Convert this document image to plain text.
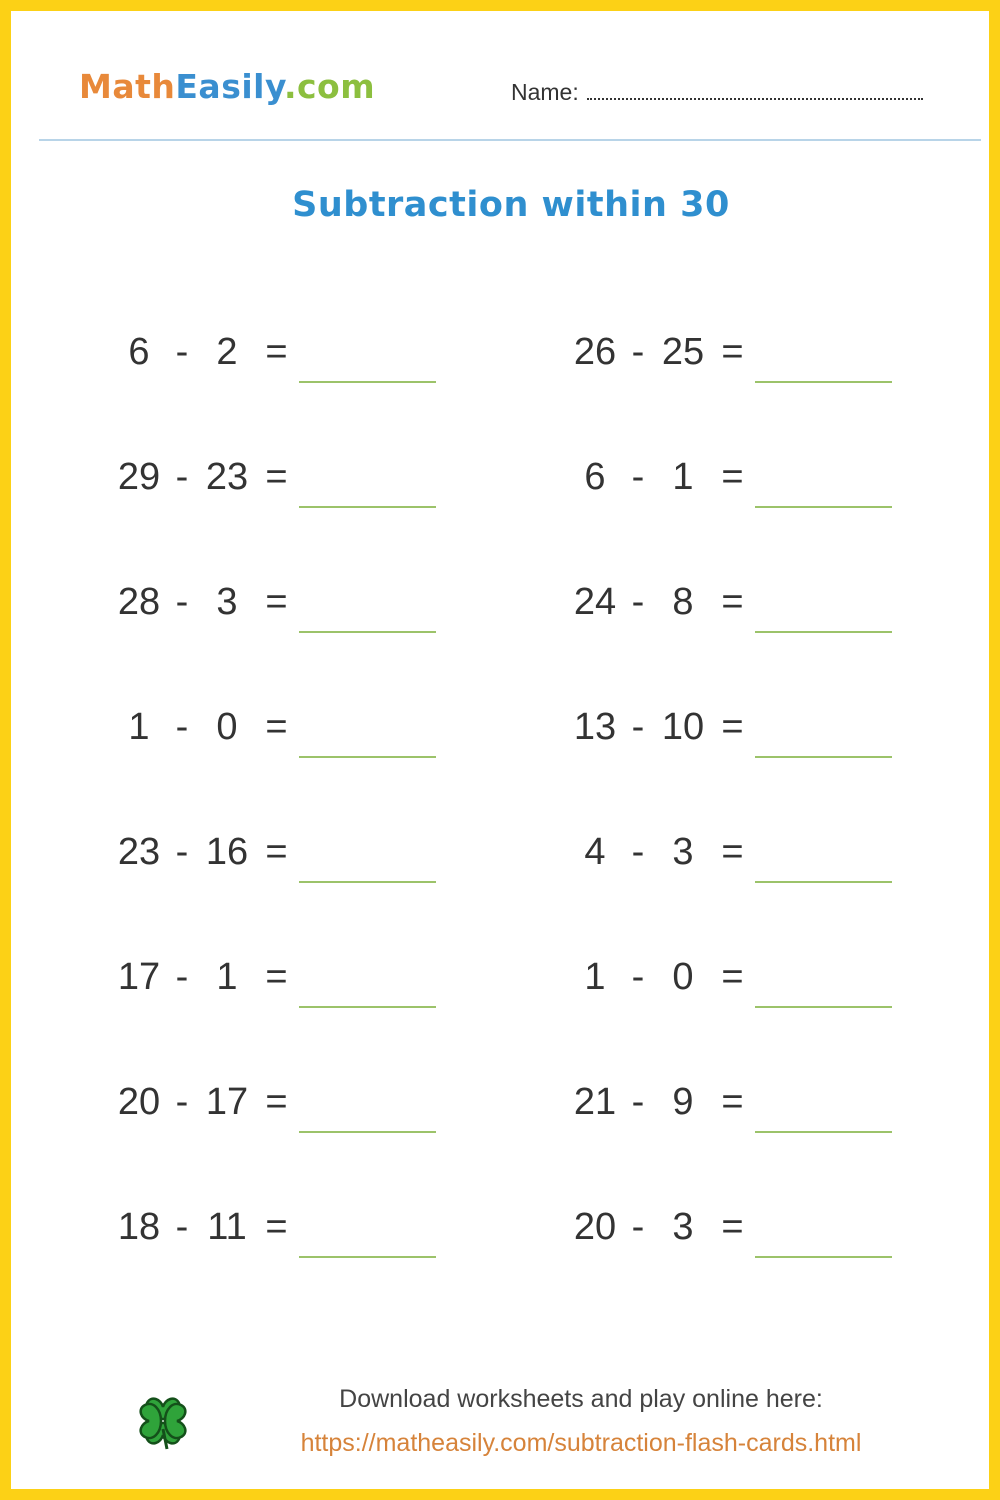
MathEasily.com	Name:
Subtraction within 30
6 - 2 =
29 - 23 =
28 - 3 =
1 - 0 =
23 - 16 =
17 - 1 =
20 - 17 =
18 - 11 =
26 - 25 =
6 - 1 =
24 - 8 =
13 - 10 =
4 - 3 =
1 - 0 =
21 - 9 =
20 - 3 =
Download worksheets and play online here:
https://matheasily.com/subtraction-flash-cards.html
